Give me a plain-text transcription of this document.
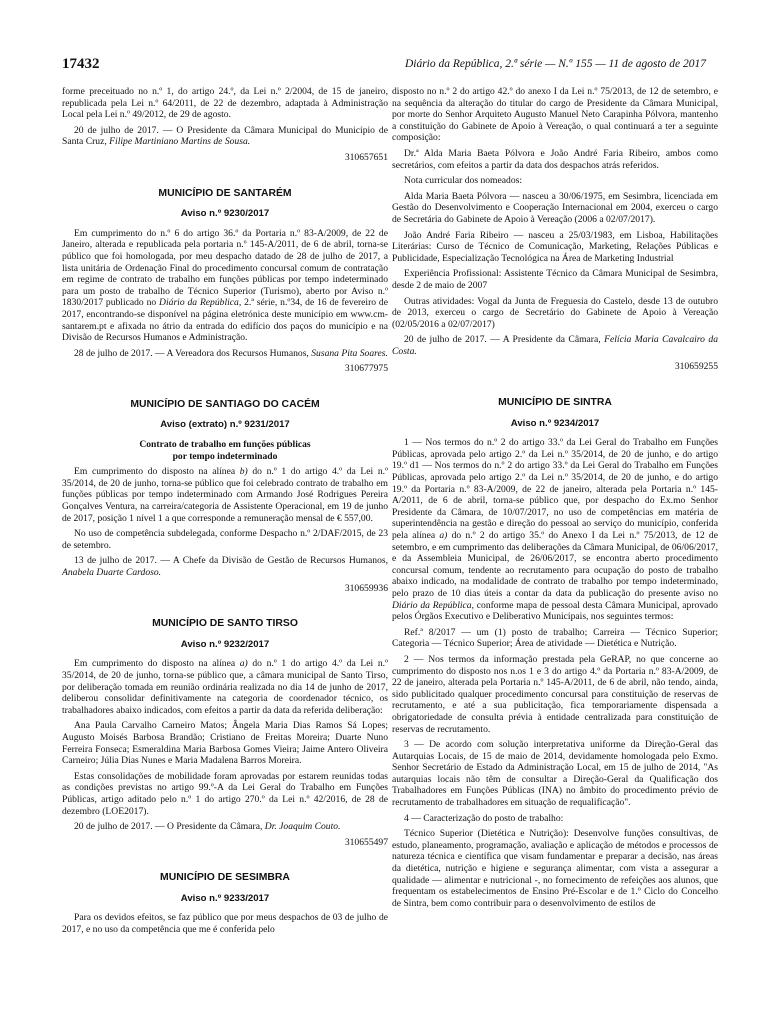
17432	Diário da República, 2.ª série — N.º 155 — 11 de agosto de 2017

forme preceituado no n.º 1, do artigo 24.º, da Lei n.º 2/2004, de 15 de janeiro, republicada pela Lei n.º 64/2011, de 22 de dezembro, adaptada à Administração Local pela Lei n.º 49/2012, de 29 de agosto.

20 de julho de 2017. — O Presidente da Câmara Municipal do Município de Santa Cruz, Filipe Martiniano Martins de Sousa.

310657651
MUNICÍPIO DE SANTARÉM
Aviso n.º 9230/2017

Em cumprimento do n.º 6 do artigo 36.º da Portaria n.º 83-A/2009, de 22 de Janeiro, alterada e republicada pela portaria n.º 145-A/2011, de 6 de abril, torna-se público que foi homologada, por meu despacho datado de 28 de julho de 2017, a lista unitária de Ordenação Final do procedimento concursal comum de contratação em regime de contrato de trabalho em funções públicas por tempo indeterminado para um posto de trabalho de Técnico Superior (Turismo), aberto por Aviso n.º 1830/2017 publicado no Diário da República, 2.ª série, n.º34, de 16 de fevereiro de 2017, encontrando-se disponível na página eletrónica deste município em www.cm-santarem.pt e afixada no átrio da entrada do edifício dos paços do município e na Divisão de Recursos Humanos e Administração.

28 de julho de 2017. — A Vereadora dos Recursos Humanos, Susana Pita Soares.

310677975
MUNICÍPIO DE SANTIAGO DO CACÉM
Aviso (extrato) n.º 9231/2017
Contrato de trabalho em funções públicas
por tempo indeterminado

Em cumprimento do disposto na alínea b) do n.º 1 do artigo 4.º da Lei n.º 35/2014, de 20 de junho, torna-se público que foi celebrado contrato de trabalho em funções públicas por tempo indeterminado com Armando José Rodrigues Pereira Gonçalves Ventura, na carreira/categoria de Assistente Operacional, em 19 de junho de 2017, posição 1 nível 1 a que corresponde a remuneração mensal de € 557,00.

No uso de competência subdelegada, conforme Despacho n.º 2/DAF/2015, de 23 de setembro.

13 de julho de 2017. — A Chefe da Divisão de Gestão de Recursos Humanos, Anabela Duarte Cardoso.

310659936
MUNICÍPIO DE SANTO TIRSO
Aviso n.º 9232/2017

Em cumprimento do disposto na alínea a) do n.º 1 do artigo 4.º da Lei n.º 35/2014, de 20 de junho, torna-se público que, a câmara municipal de Santo Tirso, por deliberação tomada em reunião ordinária realizada no dia 14 de junho de 2017, deliberou consolidar definitivamente na categoria de coordenador técnico, os trabalhadores abaixo indicados, com efeitos a partir da data da referida deliberação:

Ana Paula Carvalho Carneiro Matos; Ângela Maria Dias Ramos Sá Lopes; Augusto Moisés Barbosa Brandão; Cristiano de Freitas Moreira; Duarte Nuno Ferreira Fonseca; Esmeraldina Maria Barbosa Gomes Vieira; Jaime Antero Oliveira Carneiro; Júlia Dias Nunes e Maria Madalena Barros Moreira.

Estas consolidações de mobilidade foram aprovadas por estarem reunidas todas as condições previstas no artigo 99.º-A da Lei Geral do Trabalho em Funções Públicas, artigo aditado pelo n.º 1 do artigo 270.º da Lei n.º 42/2016, de 28 de dezembro (LOE2017).

20 de julho de 2017. — O Presidente da Câmara, Dr. Joaquim Couto.

310655497
MUNICÍPIO DE SESIMBRA
Aviso n.º 9233/2017

Para os devidos efeitos, se faz público que por meus despachos de 03 de julho de 2017, e no uso da competência que me é conferida pelo

disposto no n.º 2 do artigo 42.º do anexo I da Lei n.º 75/2013, de 12 de setembro, e na sequência da alteração do titular do cargo de Presidente da Câmara Municipal, por morte do Senhor Arquiteto Augusto Manuel Neto Carapinha Pólvora, mantenho a constituição do Gabinete de Apoio à Vereação, o qual continuará a ter a seguinte composição:

Dr.ª Alda Maria Baeta Pólvora e João André Faria Ribeiro, ambos como secretários, com efeitos a partir da data dos despachos atrás referidos.

Nota curricular dos nomeados:

Alda Maria Baeta Pólvora — nasceu a 30/06/1975, em Sesimbra, licenciada em Gestão do Desenvolvimento e Cooperação Internacional em 2004, exerceu o cargo de Secretária do Gabinete de Apoio à Vereação (2006 a 02/07/2017).

João André Faria Ribeiro — nasceu a 25/03/1983, em Lisboa, Habilitações Literárias: Curso de Técnico de Comunicação, Marketing, Relações Públicas e Publicidade, Especialização Tecnológica na Área de Marketing Industrial

Experiência Profissional: Assistente Técnico da Câmara Municipal de Sesimbra, desde 2 de maio de 2007

Outras atividades: Vogal da Junta de Freguesia do Castelo, desde 13 de outubro de 2013, exerceu o cargo de Secretário do Gabinete de Apoio à Vereação (02/05/2016 a 02/07/2017)

20 de julho de 2017. — A Presidente da Câmara, Felícia Maria Cavalcairo da Costa.

310659255
MUNICÍPIO DE SINTRA
Aviso n.º 9234/2017

1 — Nos termos do n.º 2 do artigo 33.º da Lei Geral do Trabalho em Funções Públicas, aprovada pelo artigo 2.º da Lei n.º 35/2014, de 20 de junho, e do artigo 19.º d1 — Nos termos do n.º 2 do artigo 33.º da Lei Geral do Trabalho em Funções Públicas, aprovada pelo artigo 2.º da Lei n.º 35/2014, de 20 de junho, e do artigo 19.º da Portaria n.º 83-A/2009, de 22 de janeiro, alterada pela Portaria n.º 145-A/2011, de 6 de abril, torna-se público que, por despacho do Ex.mo Senhor Presidente da Câmara, de 10/07/2017, no uso de competências em matéria de superintendência na gestão e direção do pessoal ao serviço do município, conferida pela alínea a) do n.º 2 do artigo 35.º do Anexo I da Lei n.º 75/2013, de 12 de setembro, e em cumprimento das deliberações da Câmara Municipal, de 06/06/2017, e da Assembleia Municipal, de 26/06/2017, se encontra aberto procedimento concursal comum, tendente ao recrutamento para ocupação do posto de trabalho abaixo indicado, na modalidade de contrato de trabalho por tempo indeterminado, pelo prazo de 10 dias úteis a contar da data da publicação do presente aviso no Diário da República, conforme mapa de pessoal desta Câmara Municipal, aprovado pelos Órgãos Executivo e Deliberativo Municipais, nos seguintes termos:

Ref.ª 8/2017 — um (1) posto de trabalho; Carreira — Técnico Superior; Categoria — Técnico Superior; Área de atividade — Dietética e Nutrição.

2 — Nos termos da informação prestada pela GeRAP, no que concerne ao cumprimento do disposto nos n.os 1 e 3 do artigo 4.º da Portaria n.º 83-A/2009, de 22 de janeiro, alterada pela Portaria n.º 145-A/2011, de 6 de abril, não tendo, ainda, sido publicitado qualquer procedimento concursal para constituição de reservas de recrutamento, e até a sua publicitação, fica temporariamente dispensada a obrigatoriedade de consulta prévia à entidade centralizada para constituição de reservas de recrutamento.

3 — De acordo com solução interpretativa uniforme da Direção-Geral das Autarquias Locais, de 15 de maio de 2014, devidamente homologada pelo Exmo. Senhor Secretário de Estado da Administração Local, em 15 de julho de 2014, "As autarquias locais não têm de consultar a Direção-Geral da Qualificação dos Trabalhadores em Funções Públicas (INA) no âmbito do procedimento prévio de recrutamento de trabalhadores em situação de requalificação".

4 — Caracterização do posto de trabalho:

Técnico Superior (Dietética e Nutrição): Desenvolve funções consultivas, de estudo, planeamento, programação, avaliação e aplicação de métodos e processos de natureza técnica e científica que visam fundamentar e preparar a decisão, nas áreas da dietética, nutrição e higiene e segurança alimentar, com vista a assegurar a qualidade — alimentar e nutricional -, no fornecimento de refeições aos alunos, que frequentam os estabelecimentos de Ensino Pré-Escolar e de 1.º Ciclo do Concelho de Sintra, bem como contribuir para o desenvolvimento de estilos de
